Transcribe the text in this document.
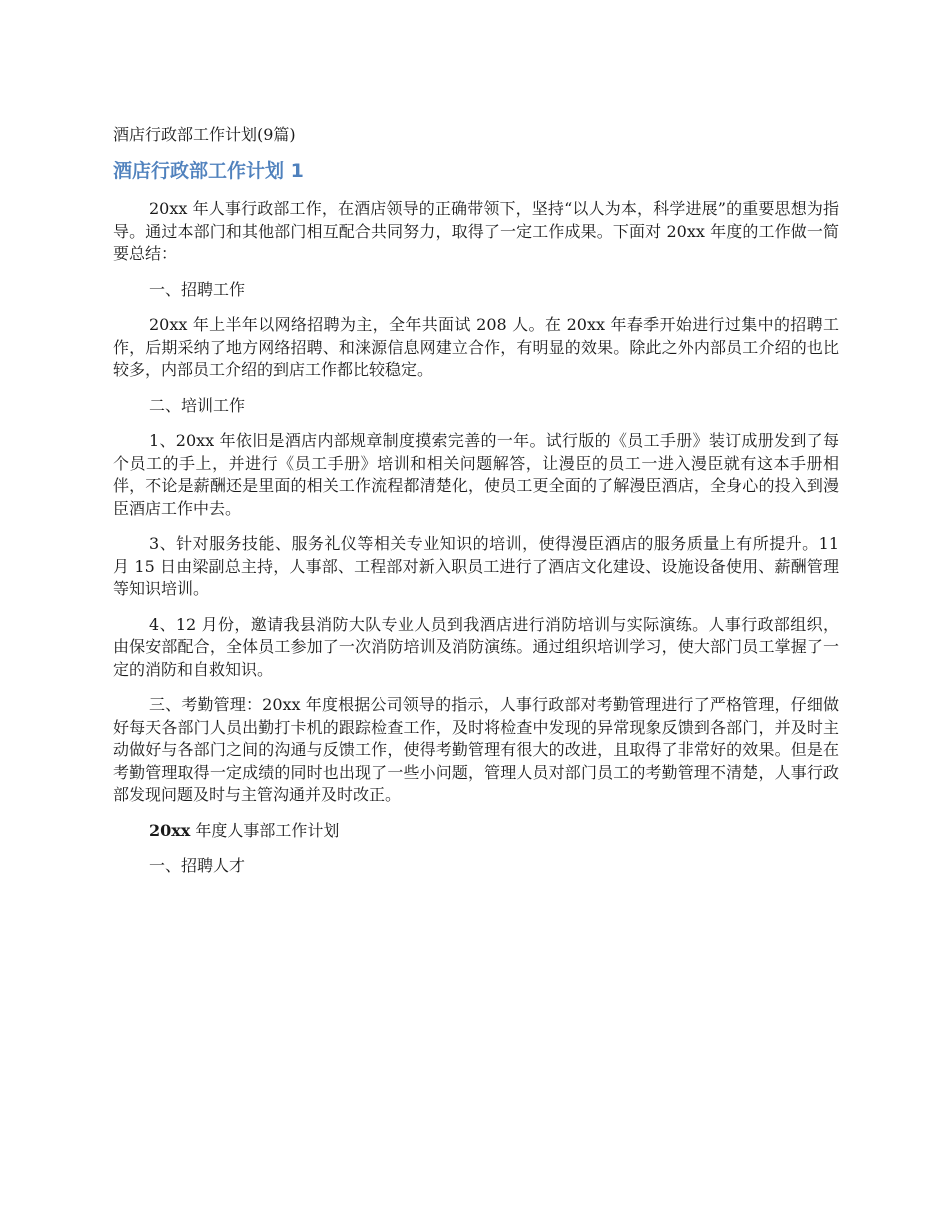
酒店行政部工作计划(9篇)
酒店行政部工作计划 1

20xx 年人事行政部工作，在酒店领导的正确带领下，坚持“以人为本，科学进展”的重要思想为指导。通过本部门和其他部门相互配合共同努力，取得了一定工作成果。下面对 20xx 年度的工作做一简要总结：

一、招聘工作

20xx 年上半年以网络招聘为主，全年共面试 208 人。在 20xx 年春季开始进行过集中的招聘工作，后期采纳了地方网络招聘、和涞源信息网建立合作，有明显的效果。除此之外内部员工介绍的也比较多，内部员工介绍的到店工作都比较稳定。

二、培训工作

1、20xx 年依旧是酒店内部规章制度摸索完善的一年。试行版的《员工手册》装订成册发到了每个员工的手上，并进行《员工手册》培训和相关问题解答，让漫臣的员工一进入漫臣就有这本手册相伴，不论是薪酬还是里面的相关工作流程都清楚化，使员工更全面的了解漫臣酒店，全身心的投入到漫臣酒店工作中去。

3、针对服务技能、服务礼仪等相关专业知识的培训，使得漫臣酒店的服务质量上有所提升。11 月 15 日由梁副总主持，人事部、工程部对新入职员工进行了酒店文化建设、设施设备使用、薪酬管理等知识培训。

4、12 月份，邀请我县消防大队专业人员到我酒店进行消防培训与实际演练。人事行政部组织，由保安部配合，全体员工参加了一次消防培训及消防演练。通过组织培训学习，使大部门员工掌握了一定的消防和自救知识。

三、考勤管理：20xx 年度根据公司领导的指示，人事行政部对考勤管理进行了严格管理，仔细做好每天各部门人员出勤打卡机的跟踪检查工作，及时将检查中发现的异常现象反馈到各部门，并及时主动做好与各部门之间的沟通与反馈工作，使得考勤管理有很大的改进，且取得了非常好的效果。但是在考勤管理取得一定成绩的同时也出现了一些小问题，管理人员对部门员工的考勤管理不清楚，人事行政部发现问题及时与主管沟通并及时改正。

20xx 年度人事部工作计划

一、招聘人才
